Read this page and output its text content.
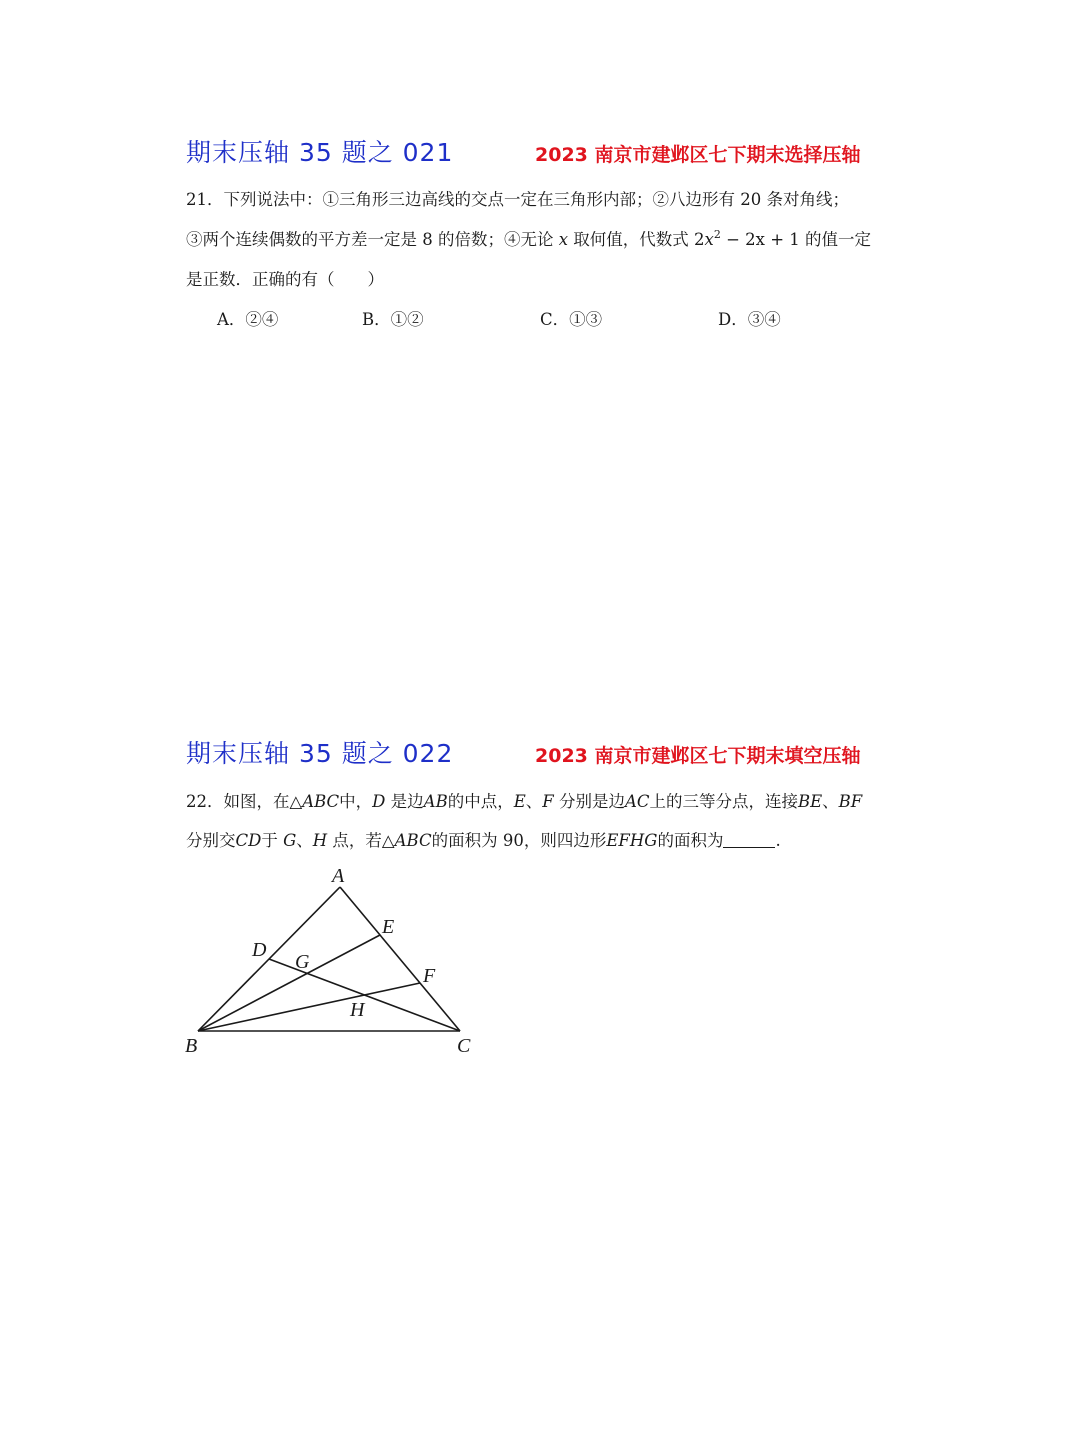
期末压轴 35 题之 021	2023 南京市建邺区七下期末选择压轴
21．下列说法中：①三角形三边高线的交点一定在三角形内部；②八边形有 20 条对角线；
③两个连续偶数的平方差一定是 8 的倍数；④无论 x 取何值，代数式 $2x^2 - 2x + 1$ 的值一定
是正数．正确的有（　　）
A．②④	B．①②	C．①③	D．③④
期末压轴 35 题之 022	2023 南京市建邺区七下期末填空压轴
22．如图，在△ABC中，D 是边AB的中点，E、F 分别是边AC上的三等分点，连接BE、BF
分别交CD于 G、H 点，若△ABC的面积为 90，则四边形EFHG的面积为	.
A
B	C
D
E
F
G
H
